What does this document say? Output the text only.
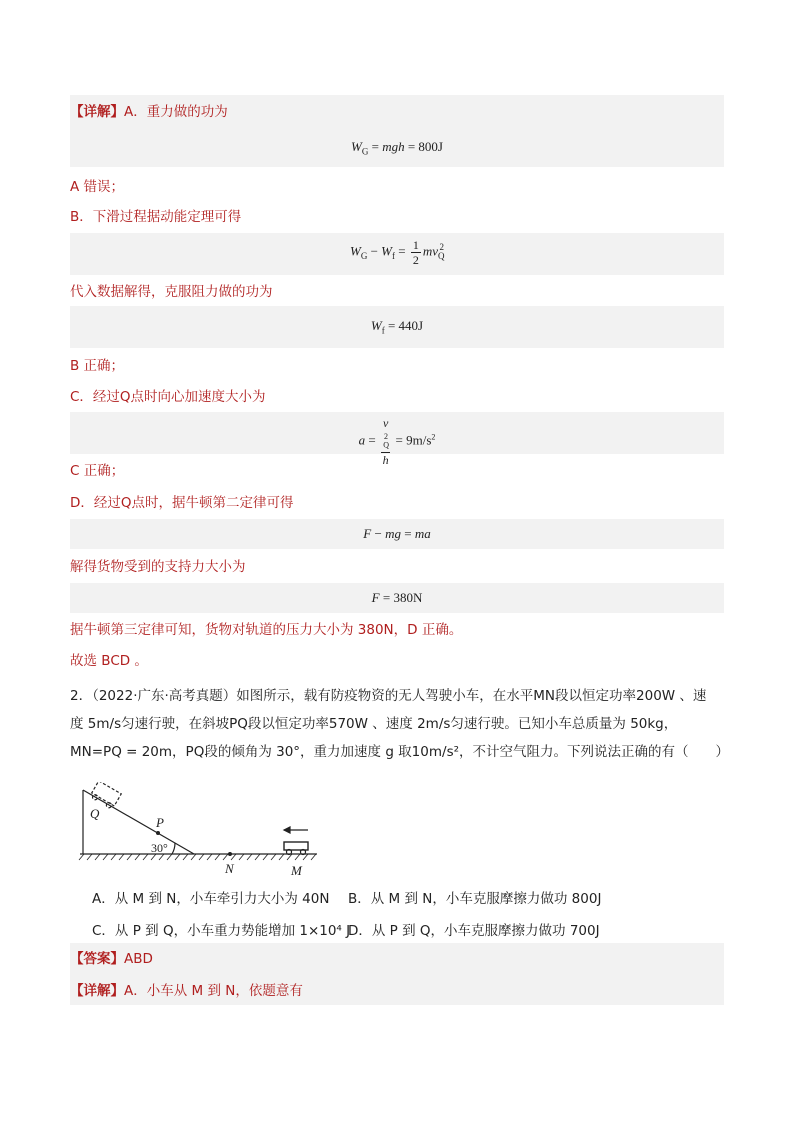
【详解】A．重力做的功为
$W_G$ = mgh = 800J
A 错误；
B．下滑过程据动能定理可得
$W_G - W_f = \frac{1}{2} mv_Q^2$
代入数据解得，克服阻力做的功为
$W_f = 440J$
B 正确；
C．经过Q点时向心加速度大小为
a = v
$_Q^2$
$h = 9m/s^2$
C 正确；
D．经过Q点时，据牛顿第二定律可得
F − mg = ma
解得货物受到的支持力大小为
F = 380N
据牛顿第三定律可知，货物对轨道的压力大小为 380N，D 正确。
故选 BCD 。
2．（2022·广东·高考真题）如图所示，载有防疫物资的无人驾驶小车，在水平MN段以恒定功率200W 、速
度 5m/s匀速行驶，在斜坡PQ段以恒定功率570W 、速度 2m/s匀速行驶。已知小车总质量为 50kg，
MN=PQ = 20m，PQ段的倾角为 30°，重力加速度 g 取10m/s²，不计空气阻力。下列说法正确的有（　　）
Q
P
N	M
30°
A．从 M 到 N，小车牵引力大小为 40N B．从 M 到 N，小车克服摩擦力做功 800J
C．从 P 到 Q，小车重力势能增加 1×10⁴ J
D．从 P 到 Q，小车克服摩擦力做功 700J
【答案】ABD
【详解】A．小车从 M 到 N，依题意有
